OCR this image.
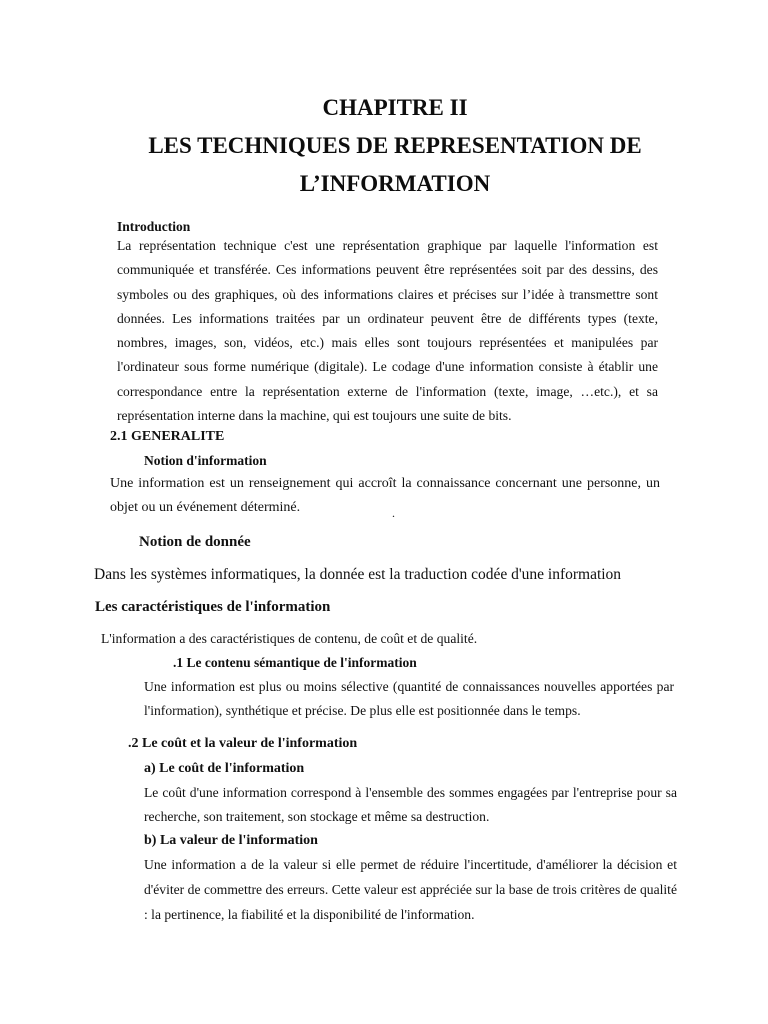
CHAPITRE II
LES TECHNIQUES DE REPRESENTATION DE
L’INFORMATION
Introduction

La représentation technique c'est une représentation graphique par laquelle l'information est communiquée et transférée. Ces informations peuvent être représentées soit par des dessins, des symboles ou des graphiques, où des informations claires et précises sur l’idée à transmettre sont données. Les informations traitées par un ordinateur peuvent être de différents types (texte, nombres, images, son, vidéos, etc.) mais elles sont toujours représentées et manipulées par l'ordinateur sous forme numérique (digitale). Le codage d'une information consiste à établir une correspondance entre la représentation externe de l'information (texte, image, …etc.), et sa représentation interne dans la machine, qui est toujours une suite de bits.

2.1 GENERALITE
Notion d'information

Une information est un renseignement qui accroît la connaissance concernant une personne, un objet ou un événement déterminé.	.
Notion de donnée

Dans les systèmes informatiques, la donnée est la traduction codée d'une information

Les caractéristiques de l'information

L'information a des caractéristiques de contenu, de coût et de qualité.

.1 Le contenu sémantique de l'information

Une information est plus ou moins sélective (quantité de connaissances nouvelles apportées par l'information), synthétique et précise. De plus elle est positionnée dans le temps.

.2 Le coût et la valeur de l'information
a) Le coût de l'information

Le coût d'une information correspond à l'ensemble des sommes engagées par l'entreprise pour sa recherche, son traitement, son stockage et même sa destruction.

b) La valeur de l'information

Une information a de la valeur si elle permet de réduire l'incertitude, d'améliorer la décision et d'éviter de commettre des erreurs. Cette valeur est appréciée sur la base de trois critères de qualité : la pertinence, la fiabilité et la disponibilité de l'information.
